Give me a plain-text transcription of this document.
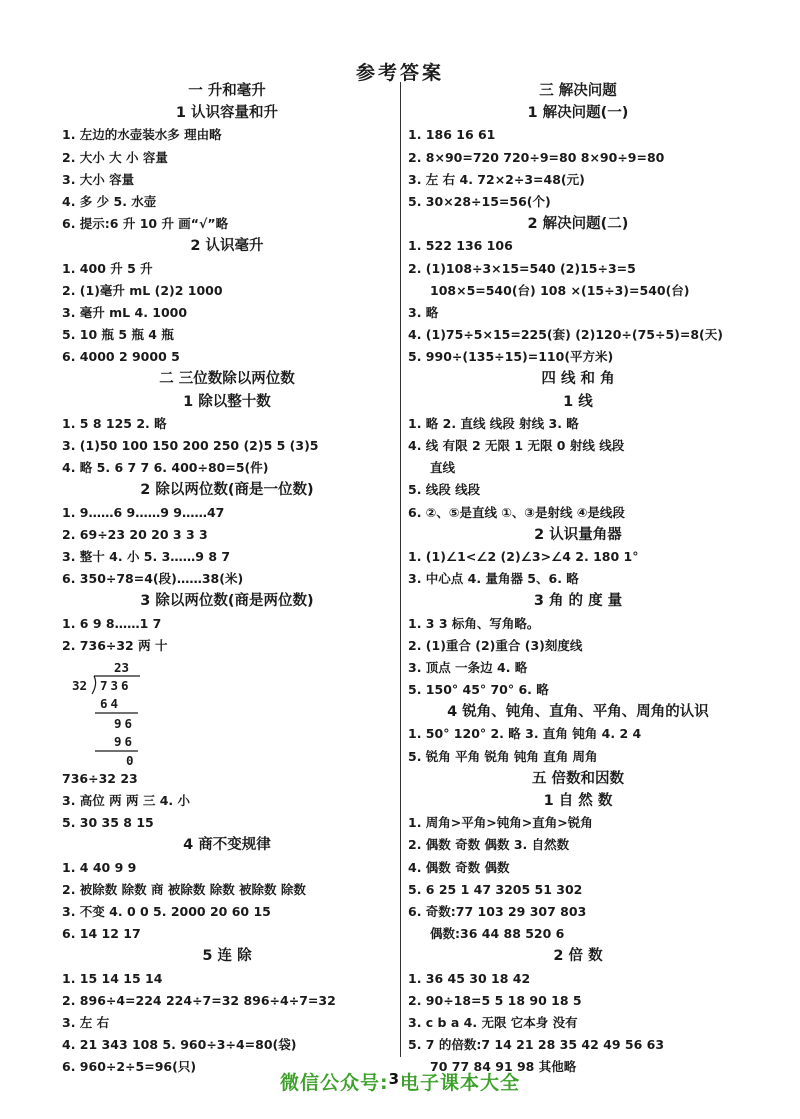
参考答案
一 升和毫升
1 认识容量和升
1. 左边的水壶装水多 理由略
2. 大小 大 小 容量
3. 大小 容量
4. 多 少 5. 水壶
6. 提示:6 升 10 升 画“√”略
2 认识毫升
1. 400 升 5 升
2. (1)毫升 mL (2)2 1000
3. 毫升 mL 4. 1000
5. 10 瓶 5 瓶 4 瓶
6. 4000 2 9000 5
二 三位数除以两位数
1 除以整十数
1. 5 8 125 2. 略
3. (1)50 100 150 200 250 (2)5 5 (3)5
4. 略 5. 6 7 7 6. 400÷80=5(件)
2 除以两位数(商是一位数)
1. 9……6 9……9 9……47
2. 69÷23 20 20 3 3 3
3. 整十 4. 小 5. 3……9 8 7
6. 350÷78=4(段)……38(米)
3 除以两位数(商是两位数)
1. 6 9 8……1 7
2. 736÷32 两 十
23
32 736
64
96
96
0
736÷32 23
3. 高位 两 两 三 4. 小
5. 30 35 8 15
4 商不变规律
1. 4 40 9 9
2. 被除数 除数 商 被除数 除数 被除数 除数
3. 不变 4. 0 0 5. 2000 20 60 15
6. 14 12 17
5 连 除
1. 15 14 15 14
2. 896÷4=224 224÷7=32 896÷4÷7=32
3. 左 右
4. 21 343 108 5. 960÷3÷4=80(袋)
6. 960÷2÷5=96(只)
三 解决问题
1 解决问题(一)
1. 186 16 61
2. 8×90=720 720÷9=80 8×90÷9=80
3. 左 右 4. 72×2÷3=48(元)
5. 30×28÷15=56(个)
2 解决问题(二)
1. 522 136 106
2. (1)108÷3×15=540 (2)15÷3=5
108×5=540(台) 108 ×(15÷3)=540(台)
3. 略
4. (1)75÷5×15=225(套) (2)120÷(75÷5)=8(天)
5. 990÷(135÷15)=110(平方米)
四 线 和 角
1 线
1. 略 2. 直线 线段 射线 3. 略
4. 线 有限 2 无限 1 无限 0 射线 线段
直线
5. 线段 线段
6. ②、⑤是直线 ①、③是射线 ④是线段
2 认识量角器
1. (1)∠1<∠2 (2)∠3>∠4 2. 180 1°
3. 中心点 4. 量角器 5、6. 略
3 角 的 度 量
1. 3 3 标角、写角略。
2. (1)重合 (2)重合 (3)刻度线
3. 顶点 一条边 4. 略
5. 150° 45° 70° 6. 略
4 锐角、钝角、直角、平角、周角的认识
1. 50° 120° 2. 略 3. 直角 钝角 4. 2 4
5. 锐角 平角 锐角 钝角 直角 周角
五 倍数和因数
1 自 然 数
1. 周角>平角>钝角>直角>锐角
2. 偶数 奇数 偶数 3. 自然数
4. 偶数 奇数 偶数
5. 6 25 1 47 3205 51 302
6. 奇数:77 103 29 307 803
偶数:36 44 88 520 6
2 倍 数
1. 36 45 30 18 42
2. 90÷18=5 5 18 90 18 5
3. c b a 4. 无限 它本身 没有
5. 7 的倍数:7 14 21 28 35 42 49 56 63
70 77 84 91 98 其他略
微信公众号:$^3$电子课本大全
